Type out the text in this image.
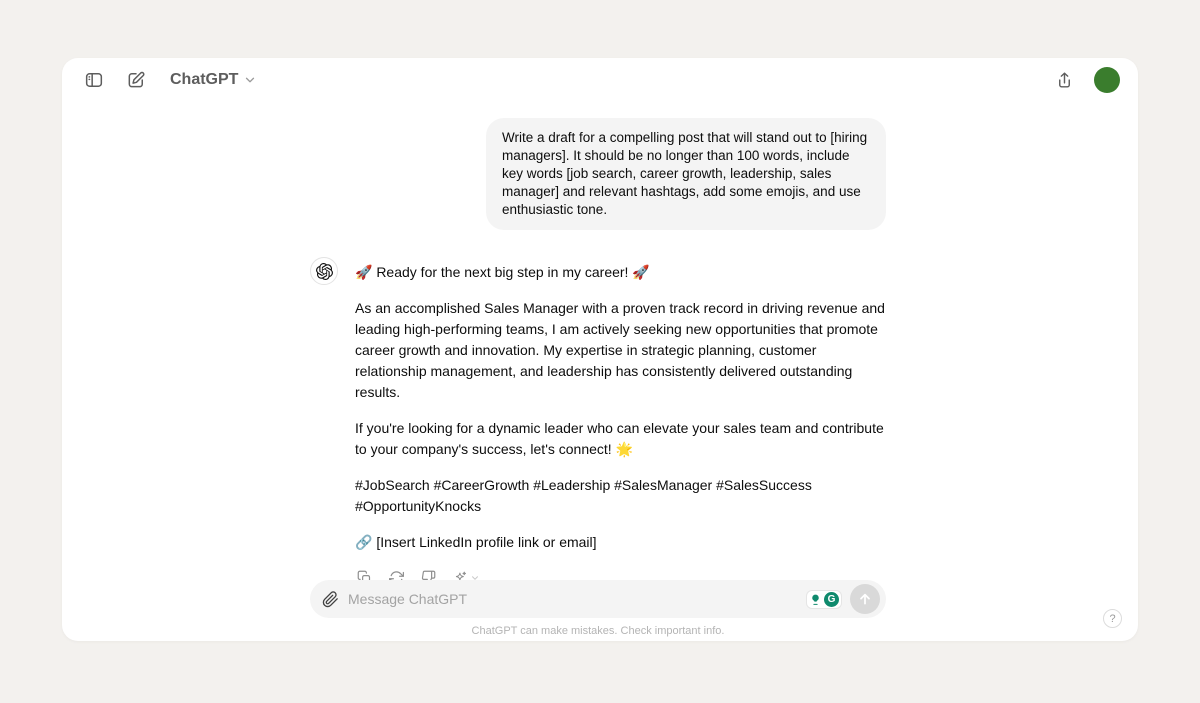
ChatGPT
Write a draft for a compelling post that will stand out to [hiring managers]. It should be no longer than 100 words, include key words [job search, career growth, leadership, sales manager] and relevant hashtags, add some emojis, and use enthusiastic tone.

🚀 Ready for the next big step in my career! 🚀

As an accomplished Sales Manager with a proven track record in driving revenue and leading high-performing teams, I am actively seeking new opportunities that promote career growth and innovation. My expertise in strategic planning, customer relationship management, and leadership has consistently delivered outstanding results.

If you're looking for a dynamic leader who can elevate your sales team and contribute to your company's success, let's connect! 🌟

#JobSearch #CareerGrowth #Leadership #SalesManager #SalesSuccess #OpportunityKnocks

🔗 [Insert LinkedIn profile link or email]

Message ChatGPT
G
ChatGPT can make mistakes. Check important info.
?
